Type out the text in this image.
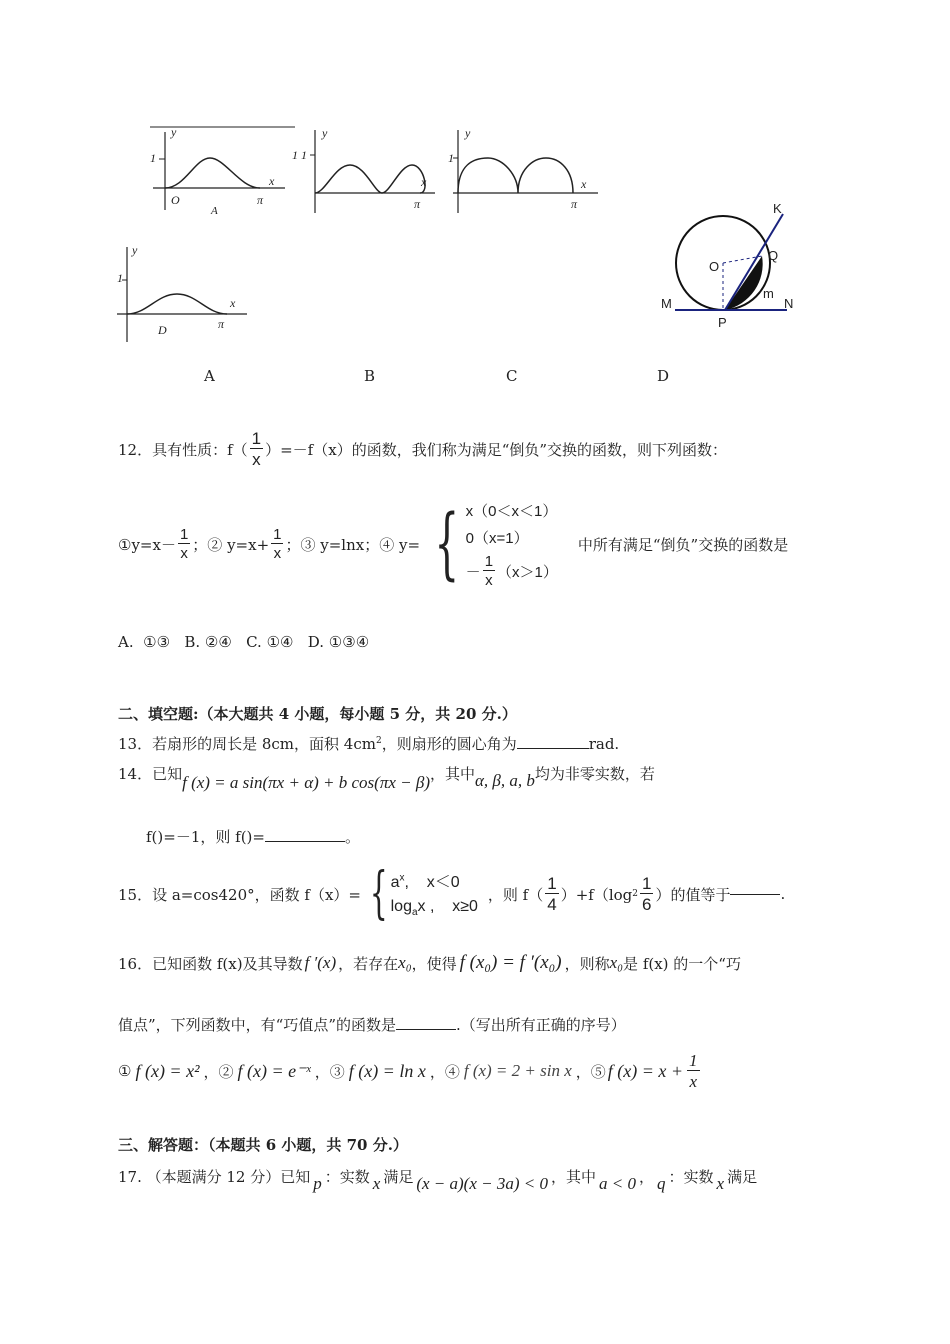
y
1
x
O	π
A
y
1 1
x
π
y
1
x
π
y
1
x
D	π
K
Q
O
m
M	N
P
A	B	C	D
12．具有性质：$f( \frac{1}{x} )=-f(x)$的函数，我们称为满足“倒负”交换的函数，则下列函数：
①y=x－ $\frac{1}{x}$ ；② $y=x+ \frac{1}{x}$ ；③ y=lnx；④ y= { x（0＜x＜1）
0（x=1）
－ $\frac{1}{x} (x>1)$
中所有满足“倒负”交换的函数是
A.  ①③   B. ②④   C. ①④   D. ①③④
二、填空题:（本大题共 4 小题，每小题 5 分，共 20 分.）
13．若扇形的周长是 8cm，面积 $4cm^2$，则扇形的圆心角为	rad.
14．已知 f (x) = a sin(πx + α) + b cos(πx − β) ，其中 α, β, a, b 均为非零实数，若
f()=－1，则 f()=	。
15．设 a=cos420°，函数 f（x）= { $a^x$,    x＜0
$\log_ax$ ,    x≥0
，则 $f( \frac{1}{4} )+f(\log$ $2 \frac{1}{6}$ ）的值等于	.
16．已知函数 f(x)及其导数 f ′(x) ，若存在 x₀ ，使得 f (x₀) = f ′(x₀) ，则称 x₀ 是 f(x) 的一个“巧
值点”，下列函数中，有“巧值点”的函数是	.（写出所有正确的序号）
① f (x) = x² ，② f (x) = e⁻ˣ ，③ f (x) = ln x ，④ f (x) = 2 + sin x ，⑤ f $(x) = x + \frac{1}{x}$
三、解答题：（本题共 6 小题，共 70 分.）
17. （本题满分 12 分）已知 p ：实数 x 满足 (x − a)(x − 3a) < 0 ，其中 a < 0 ， q ：实数 x 满足
